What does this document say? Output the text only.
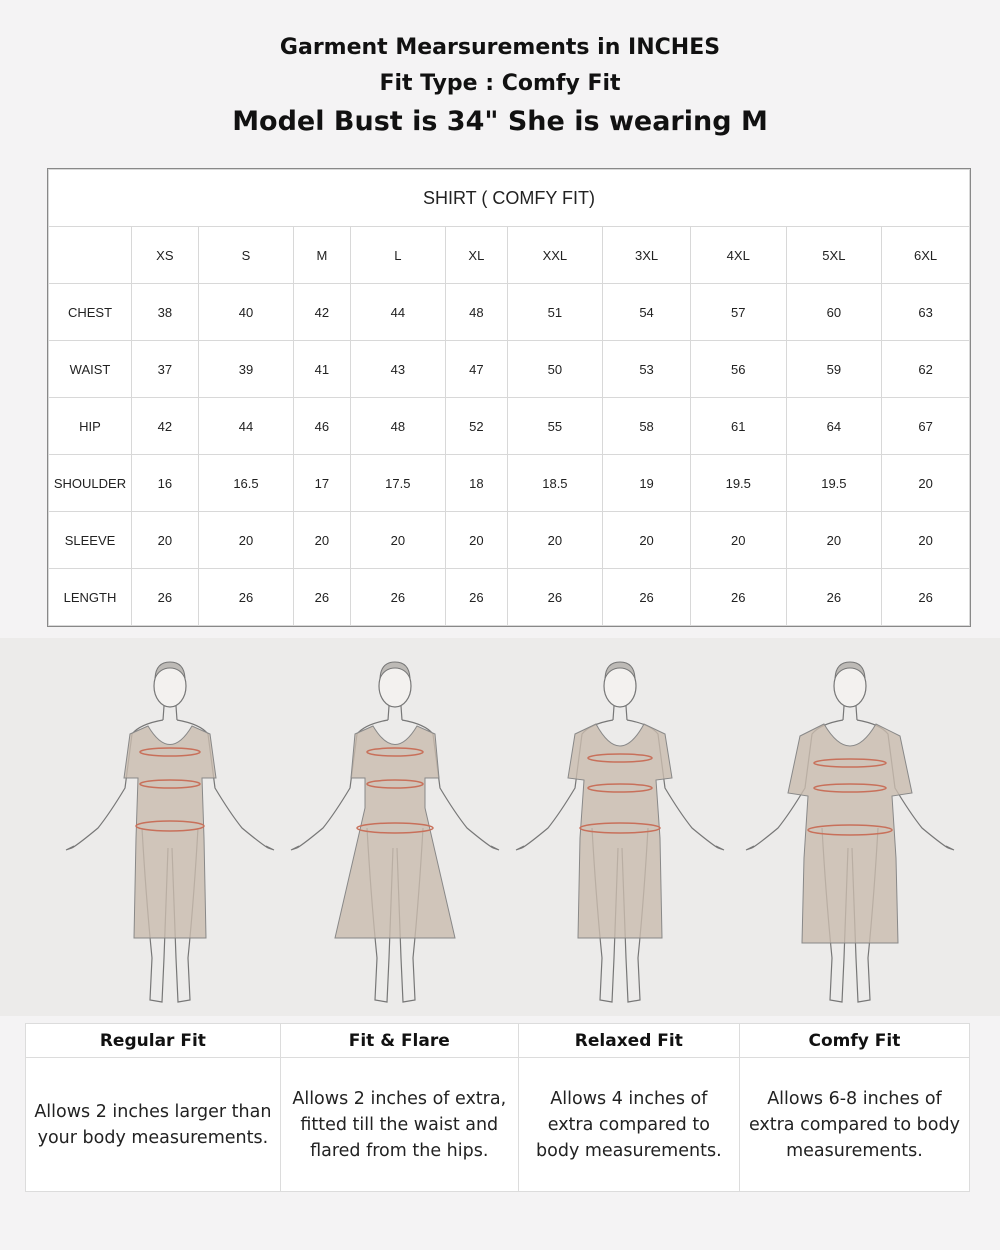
Garment Mearsurements in INCHES
Fit Type : Comfy Fit
Model Bust is 34" She is wearing M
SHIRT ( COMFY FIT)										
	XS	S	M	L	XL	XXL	3XL	4XL	5XL	6XL
CHEST	38	40	42	44	48	51	54	57	60	63
WAIST	37	39	41	43	47	50	53	56	59	62
HIP	42	44	46	48	52	55	58	61	64	67
SHOULDER	16	16.5	17	17.5	18	18.5	19	19.5	19.5	20
SLEEVE	20	20	20	20	20	20	20	20	20	20
LENGTH	26	26	26	26	26	26	26	26	26	26
Regular Fit	Fit & Flare	Relaxed Fit	Comfy Fit
Allows 2 inches larger than your body measurements.	Allows 2 inches of extra, fitted till the waist and flared from the hips.	Allows 4 inches of extra compared to body measurements.	Allows 6-8 inches of extra compared to body measurements.
